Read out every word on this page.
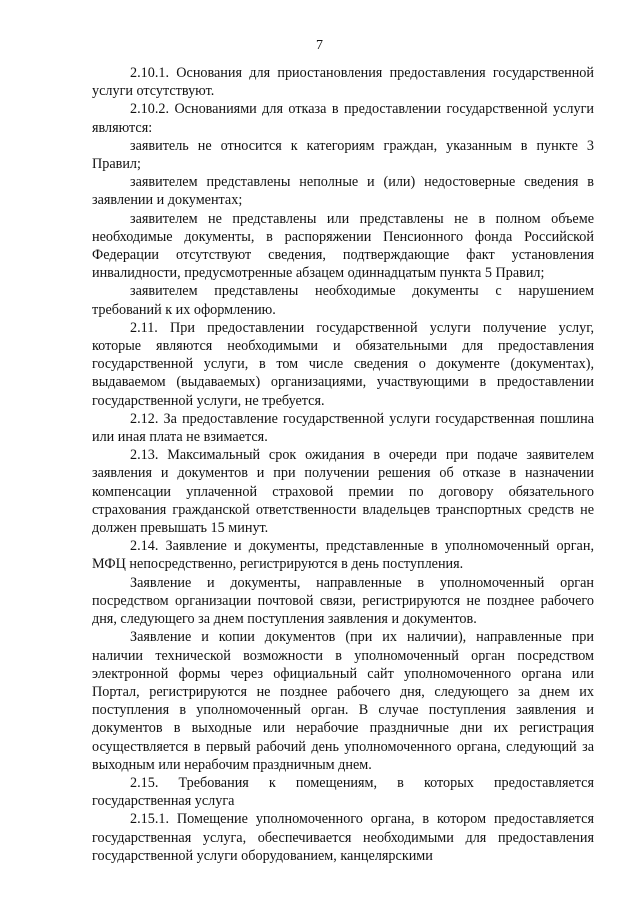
7

2.10.1. Основания для приостановления предоставления государственной услуги отсутствуют.

2.10.2. Основаниями для отказа в предоставлении государственной услуги являются:

заявитель не относится к категориям граждан, указанным в пункте 3 Правил;

заявителем представлены неполные и (или) недостоверные сведения в заявлении и документах;

заявителем не представлены или представлены не в полном объеме необходимые документы, в распоряжении Пенсионного фонда Российской Федерации отсутствуют сведения, подтверждающие факт установления инвалидности, предусмотренные абзацем одиннадцатым пункта 5 Правил;

заявителем представлены необходимые документы с нарушением требований к их оформлению.

2.11. При предоставлении государственной услуги получение услуг, которые являются необходимыми и обязательными для предоставления государственной услуги, в том числе сведения о документе (документах), выдаваемом (выдаваемых) организациями, участвующими в предоставлении государственной услуги, не требуется.

2.12. За предоставление государственной услуги государственная пошлина или иная плата не взимается.

2.13. Максимальный срок ожидания в очереди при подаче заявителем заявления и документов и при получении решения об отказе в назначении компенсации уплаченной страховой премии по договору обязательного страхования гражданской ответственности владельцев транспортных средств не должен превышать 15 минут.

2.14. Заявление и документы, представленные в уполномоченный орган, МФЦ непосредственно, регистрируются в день поступления.

Заявление и документы, направленные в уполномоченный орган посредством организации почтовой связи, регистрируются не позднее рабочего дня, следующего за днем поступления заявления и документов.

Заявление и копии документов (при их наличии), направленные при наличии технической возможности в уполномоченный орган посредством электронной формы через официальный сайт уполномоченного органа или Портал, регистрируются не позднее рабочего дня, следующего за днем их поступления в уполномоченный орган. В случае поступления заявления и документов в выходные или нерабочие праздничные дни их регистрация осуществляется в первый рабочий день уполномоченного органа, следующий за выходным или нерабочим праздничным днем.

2.15. Требования к помещениям, в которых предоставляется государственная услуга

2.15.1. Помещение уполномоченного органа, в котором предоставляется государственная услуга, обеспечивается необходимыми для предоставления государственной услуги оборудованием, канцелярскими
